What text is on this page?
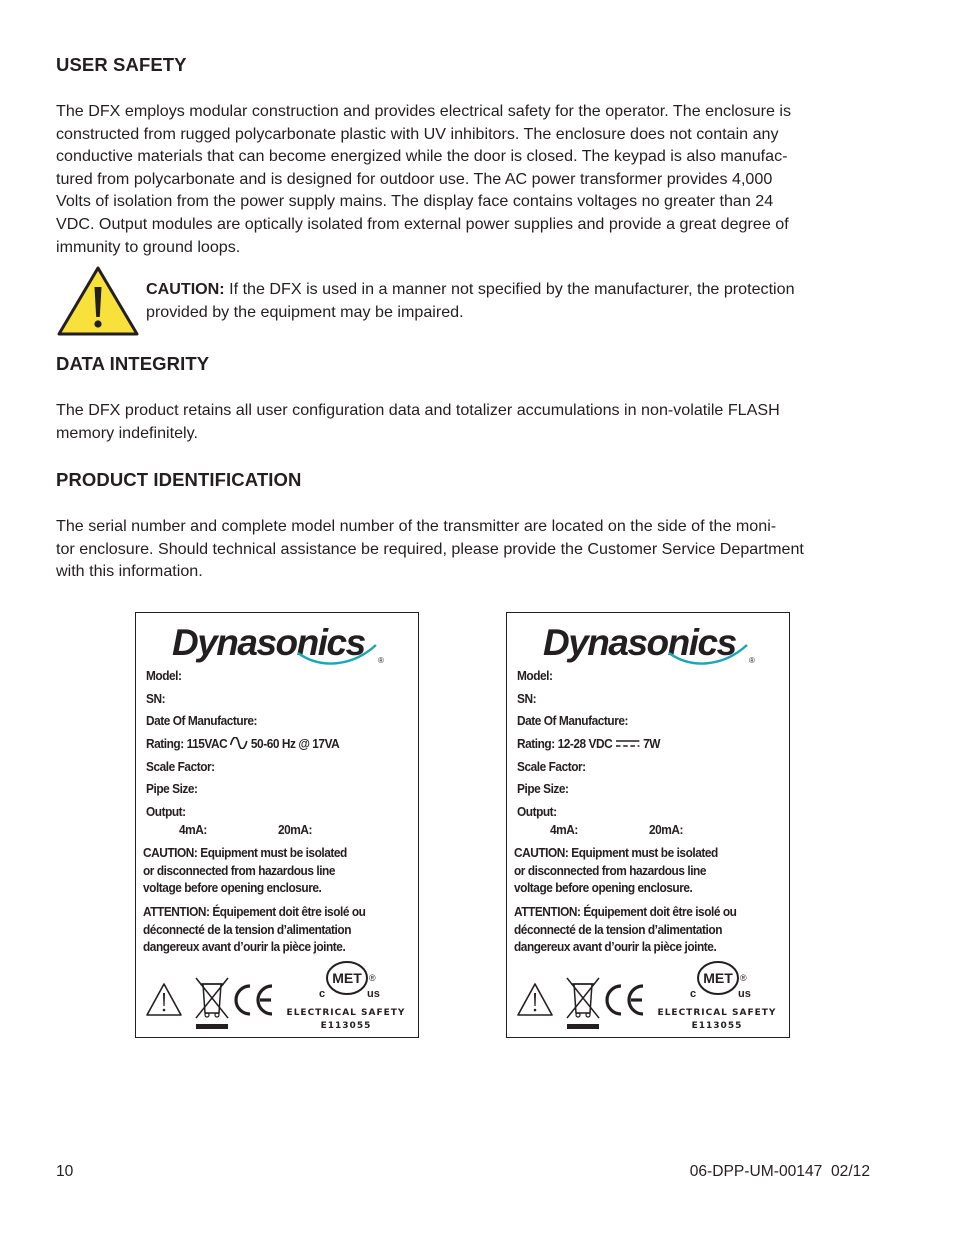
USER SAFETY
The DFX employs modular construction and provides electrical safety for the operator. The enclosure is
constructed from rugged polycarbonate plastic with UV inhibitors. The enclosure does not contain any
conductive materials that can become energized while the door is closed. The keypad is also manufac-
tured from polycarbonate and is designed for outdoor use. The AC power transformer provides 4,000
Volts of isolation from the power supply mains. The display face contains voltages no greater than 24
VDC. Output modules are optically isolated from external power supplies and provide a great degree of
immunity to ground loops.
CAUTION: If the DFX is used in a manner not specified by the manufacturer, the protection
provided by the equipment may be impaired.
DATA INTEGRITY
The DFX product retains all user configuration data and totalizer accumulations in non-volatile FLASH
memory indefinitely.
PRODUCT IDENTIFICATION
The serial number and complete model number of the transmitter are located on the side of the moni-
tor enclosure. Should technical assistance be required, please provide the Customer Service Department
with this information.
Dynasonics ®
Model:
SN:
Date Of Manufacture:
Rating: 115VAC 50-60 Hz @ 17VA
Scale Factor:
Pipe Size:
Output:
4mA:	20mA:
CAUTION: Equipment must be isolated
or disconnected from hazardous line
voltage before opening enclosure.
ATTENTION: Équipement doit être isolé ou
déconnecté de la tension d’alimentation
dangereux avant d’ourir la pièce jointe.
MET
c	us
®
ELECTRICAL SAFETY
E113055
Dynasonics ®
Model:
SN:
Date Of Manufacture:
Rating: 12-28 VDC 7W
Scale Factor:
Pipe Size:
Output:
4mA:	20mA:
CAUTION: Equipment must be isolated
or disconnected from hazardous line
voltage before opening enclosure.
ATTENTION: Équipement doit être isolé ou
déconnecté de la tension d’alimentation
dangereux avant d’ourir la pièce jointe.
MET
c	us
®
ELECTRICAL SAFETY
E113055
10	06-DPP-UM-00147  02/12
